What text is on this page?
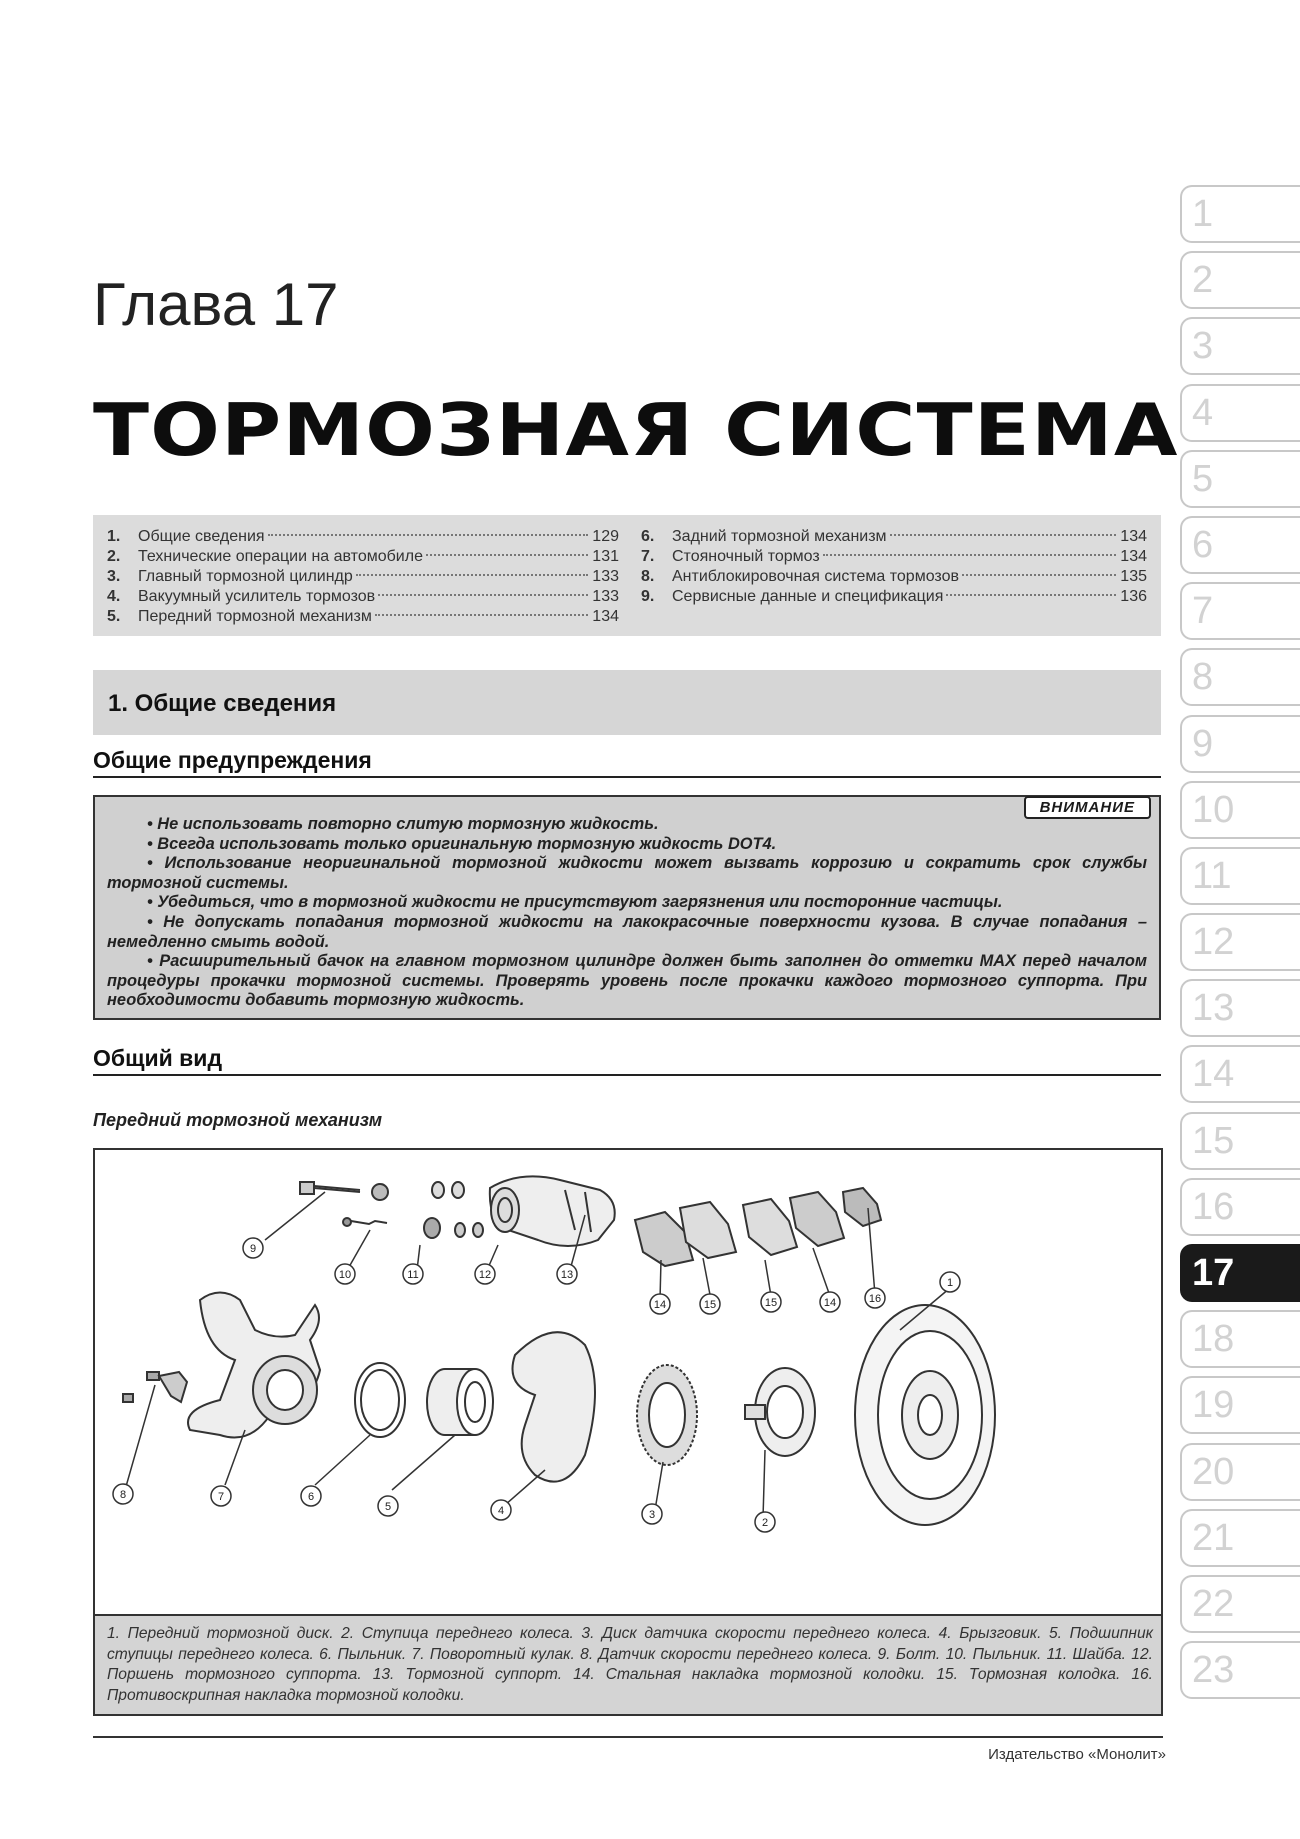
Глава 17
ТОРМОЗНАЯ СИСТЕМА
1.	Общие сведения	129
2.	Технические операции на автомобиле	131
3.	Главный тормозной цилиндр	133
4.	Вакуумный усилитель тормозов	133
5.	Передний тормозной механизм	134
6.	Задний тормозной механизм	134
7.	Стояночный тормоз	134
8.	Антиблокировочная система тормозов	135
9.	Сервисные данные и спецификация	136
1. Общие сведения
Общие предупреждения
ВНИМАНИЕ

• Не использовать повторно слитую тормозную жидкость.

• Всегда использовать только оригинальную тормозную жидкость DOT4.

• Использование неоригинальной тормозной жидкости может вызвать коррозию и сократить срок службы тормозной системы.

• Убедиться, что в тормозной жидкости не присутствуют загрязнения или посторонние частицы.

• Не допускать попадания тормозной жидкости на лакокрасочные поверхности кузова. В случае попадания – немедленно смыть водой.

• Расширительный бачок на главном тормозном цилиндре должен быть заполнен до отметки MAX перед началом процедуры прокачки тормозной системы. Проверять уровень после прокачки каждого тормозного суппорта. При необходимости добавить тормозную жидкость.

Общий вид
Передний тормозной механизм
1
2
3
4
5
6
7
8
9
10	11	12	13
14	15	15	14	16
1. Передний тормозной диск. 2. Ступица переднего колеса. 3. Диск датчика скорости переднего колеса. 4. Брызговик. 5. Подшипник ступицы переднего колеса. 6. Пыльник. 7. Поворотный кулак. 8. Датчик скорости переднего колеса. 9. Болт. 10. Пыльник. 11. Шайба. 12. Поршень тормозного суппорта. 13. Тормозной суппорт. 14. Стальная накладка тормозной колодки. 15. Тормозная колодка. 16. Противоскрипная накладка тормозной колодки.
Издательство «Монолит»
1
2
3
4
5
6
7
8
9
10
11
12
13
14
15
16
17
18
19
20
21
22
23
